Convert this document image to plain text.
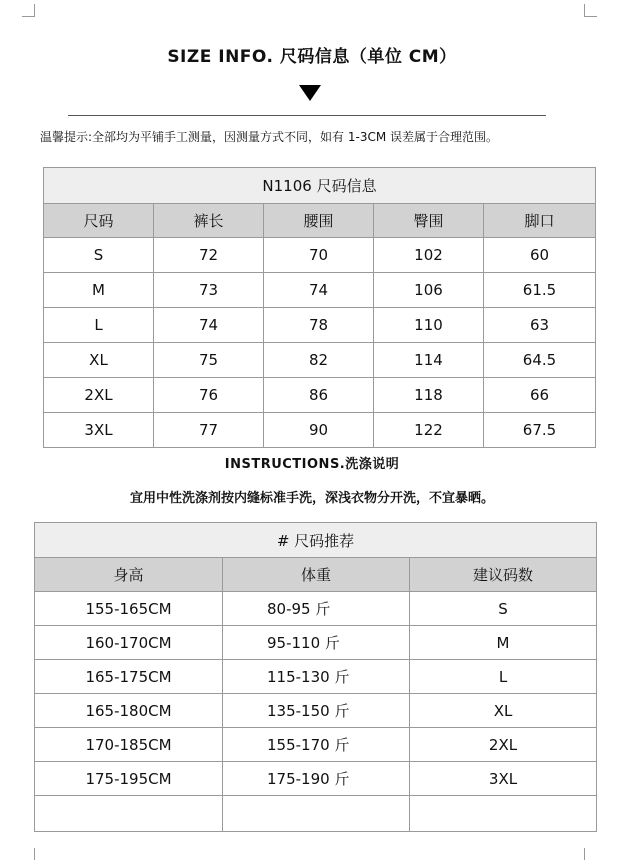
SIZE INFO. 尺码信息（单位 CM）
温馨提示:全部均为平铺手工测量，因测量方式不同，如有 1-3CM 误差属于合理范围。
N1106 尺码信息				
尺码	裤长	腰围	臀围	脚口
S	72	70	102	60
M	73	74	106	61.5
L	74	78	110	63
XL	75	82	114	64.5
2XL	76	86	118	66
3XL	77	90	122	67.5
INSTRUCTIONS.洗涤说明
宜用中性洗涤剂按内缝标准手洗，深浅衣物分开洗，不宜暴晒。
# 尺码推荐		
身高	体重	建议码数
155-165CM	80-95 斤	S
160-170CM	95-110 斤	M
165-175CM	115-130 斤	L
165-180CM	135-150 斤	XL
170-185CM	155-170 斤	2XL
175-195CM	175-190 斤	3XL
